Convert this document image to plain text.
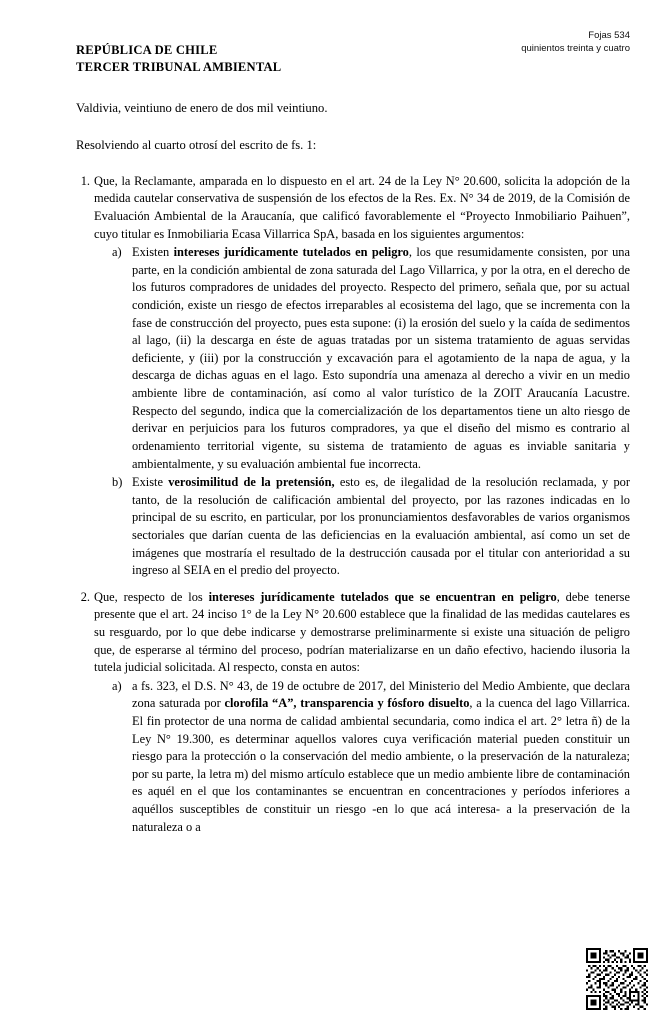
Fojas 534
quinientos treinta y cuatro
REPÚBLICA DE CHILE
TERCER TRIBUNAL AMBIENTAL
Valdivia, veintiuno de enero de dos mil veintiuno.
Resolviendo al cuarto otrosí del escrito de fs. 1:
1. Que, la Reclamante, amparada en lo dispuesto en el art. 24 de la Ley N° 20.600, solicita la adopción de la medida cautelar conservativa de suspensión de los efectos de la Res. Ex. N° 34 de 2019, de la Comisión de Evaluación Ambiental de la Araucanía, que calificó favorablemente el “Proyecto Inmobiliario Paihuen”, cuyo titular es Inmobiliaria Ecasa Villarrica SpA, basada en los siguientes argumentos:
a) Existen intereses jurídicamente tutelados en peligro, los que resumidamente consisten, por una parte, en la condición ambiental de zona saturada del Lago Villarrica, y por la otra, en el derecho de los futuros compradores de unidades del proyecto. Respecto del primero, señala que, por su actual condición, existe un riesgo de efectos irreparables al ecosistema del lago, que se incrementa con la fase de construcción del proyecto, pues esta supone: (i) la erosión del suelo y la caída de sedimentos al lago, (ii) la descarga en éste de aguas tratadas por un sistema tratamiento de aguas servidas deficiente, y (iii) por la construcción y excavación para el agotamiento de la napa de agua, y la descarga de dichas aguas en el lago. Esto supondría una amenaza al derecho a vivir en un medio ambiente libre de contaminación, así como al valor turístico de la ZOIT Araucanía Lacustre. Respecto del segundo, indica que la comercialización de los departamentos tiene un alto riesgo de derivar en perjuicios para los futuros compradores, ya que el diseño del mismo es contrario al ordenamiento territorial vigente, su sistema de tratamiento de aguas es inviable sanitaria y ambientalmente, y su evaluación ambiental fue incorrecta.
b) Existe verosimilitud de la pretensión, esto es, de ilegalidad de la resolución reclamada, y por tanto, de la resolución de calificación ambiental del proyecto, por las razones indicadas en lo principal de su escrito, en particular, por los pronunciamientos desfavorables de varios organismos sectoriales que darían cuenta de las deficiencias en la evaluación ambiental, así como un set de imágenes que mostraría el resultado de la destrucción causada por el titular con anterioridad a su ingreso al SEIA en el predio del proyecto.
2. Que, respecto de los intereses jurídicamente tutelados que se encuentran en peligro, debe tenerse presente que el art. 24 inciso 1° de la Ley N° 20.600 establece que la finalidad de las medidas cautelares es su resguardo, por lo que debe indicarse y demostrarse preliminarmente si existe una situación de peligro que, de esperarse al término del proceso, podrían materializarse en un daño efectivo, haciendo ilusoria la tutela judicial solicitada. Al respecto, consta en autos:
a) a fs. 323, el D.S. N° 43, de 19 de octubre de 2017, del Ministerio del Medio Ambiente, que declara zona saturada por clorofila “A”, transparencia y fósforo disuelto, a la cuenca del lago Villarrica. El fin protector de una norma de calidad ambiental secundaria, como indica el art. 2° letra ñ) de la Ley N° 19.300, es determinar aquellos valores cuya verificación material pueden constituir un riesgo para la protección o la conservación del medio ambiente, o la preservación de la naturaleza; por su parte, la letra m) del mismo artículo establece que un medio ambiente libre de contaminación es aquél en el que los contaminantes se encuentran en concentraciones y períodos inferiores a aquéllos susceptibles de constituir un riesgo -en lo que acá interesa- a la preservación de la naturaleza o a
